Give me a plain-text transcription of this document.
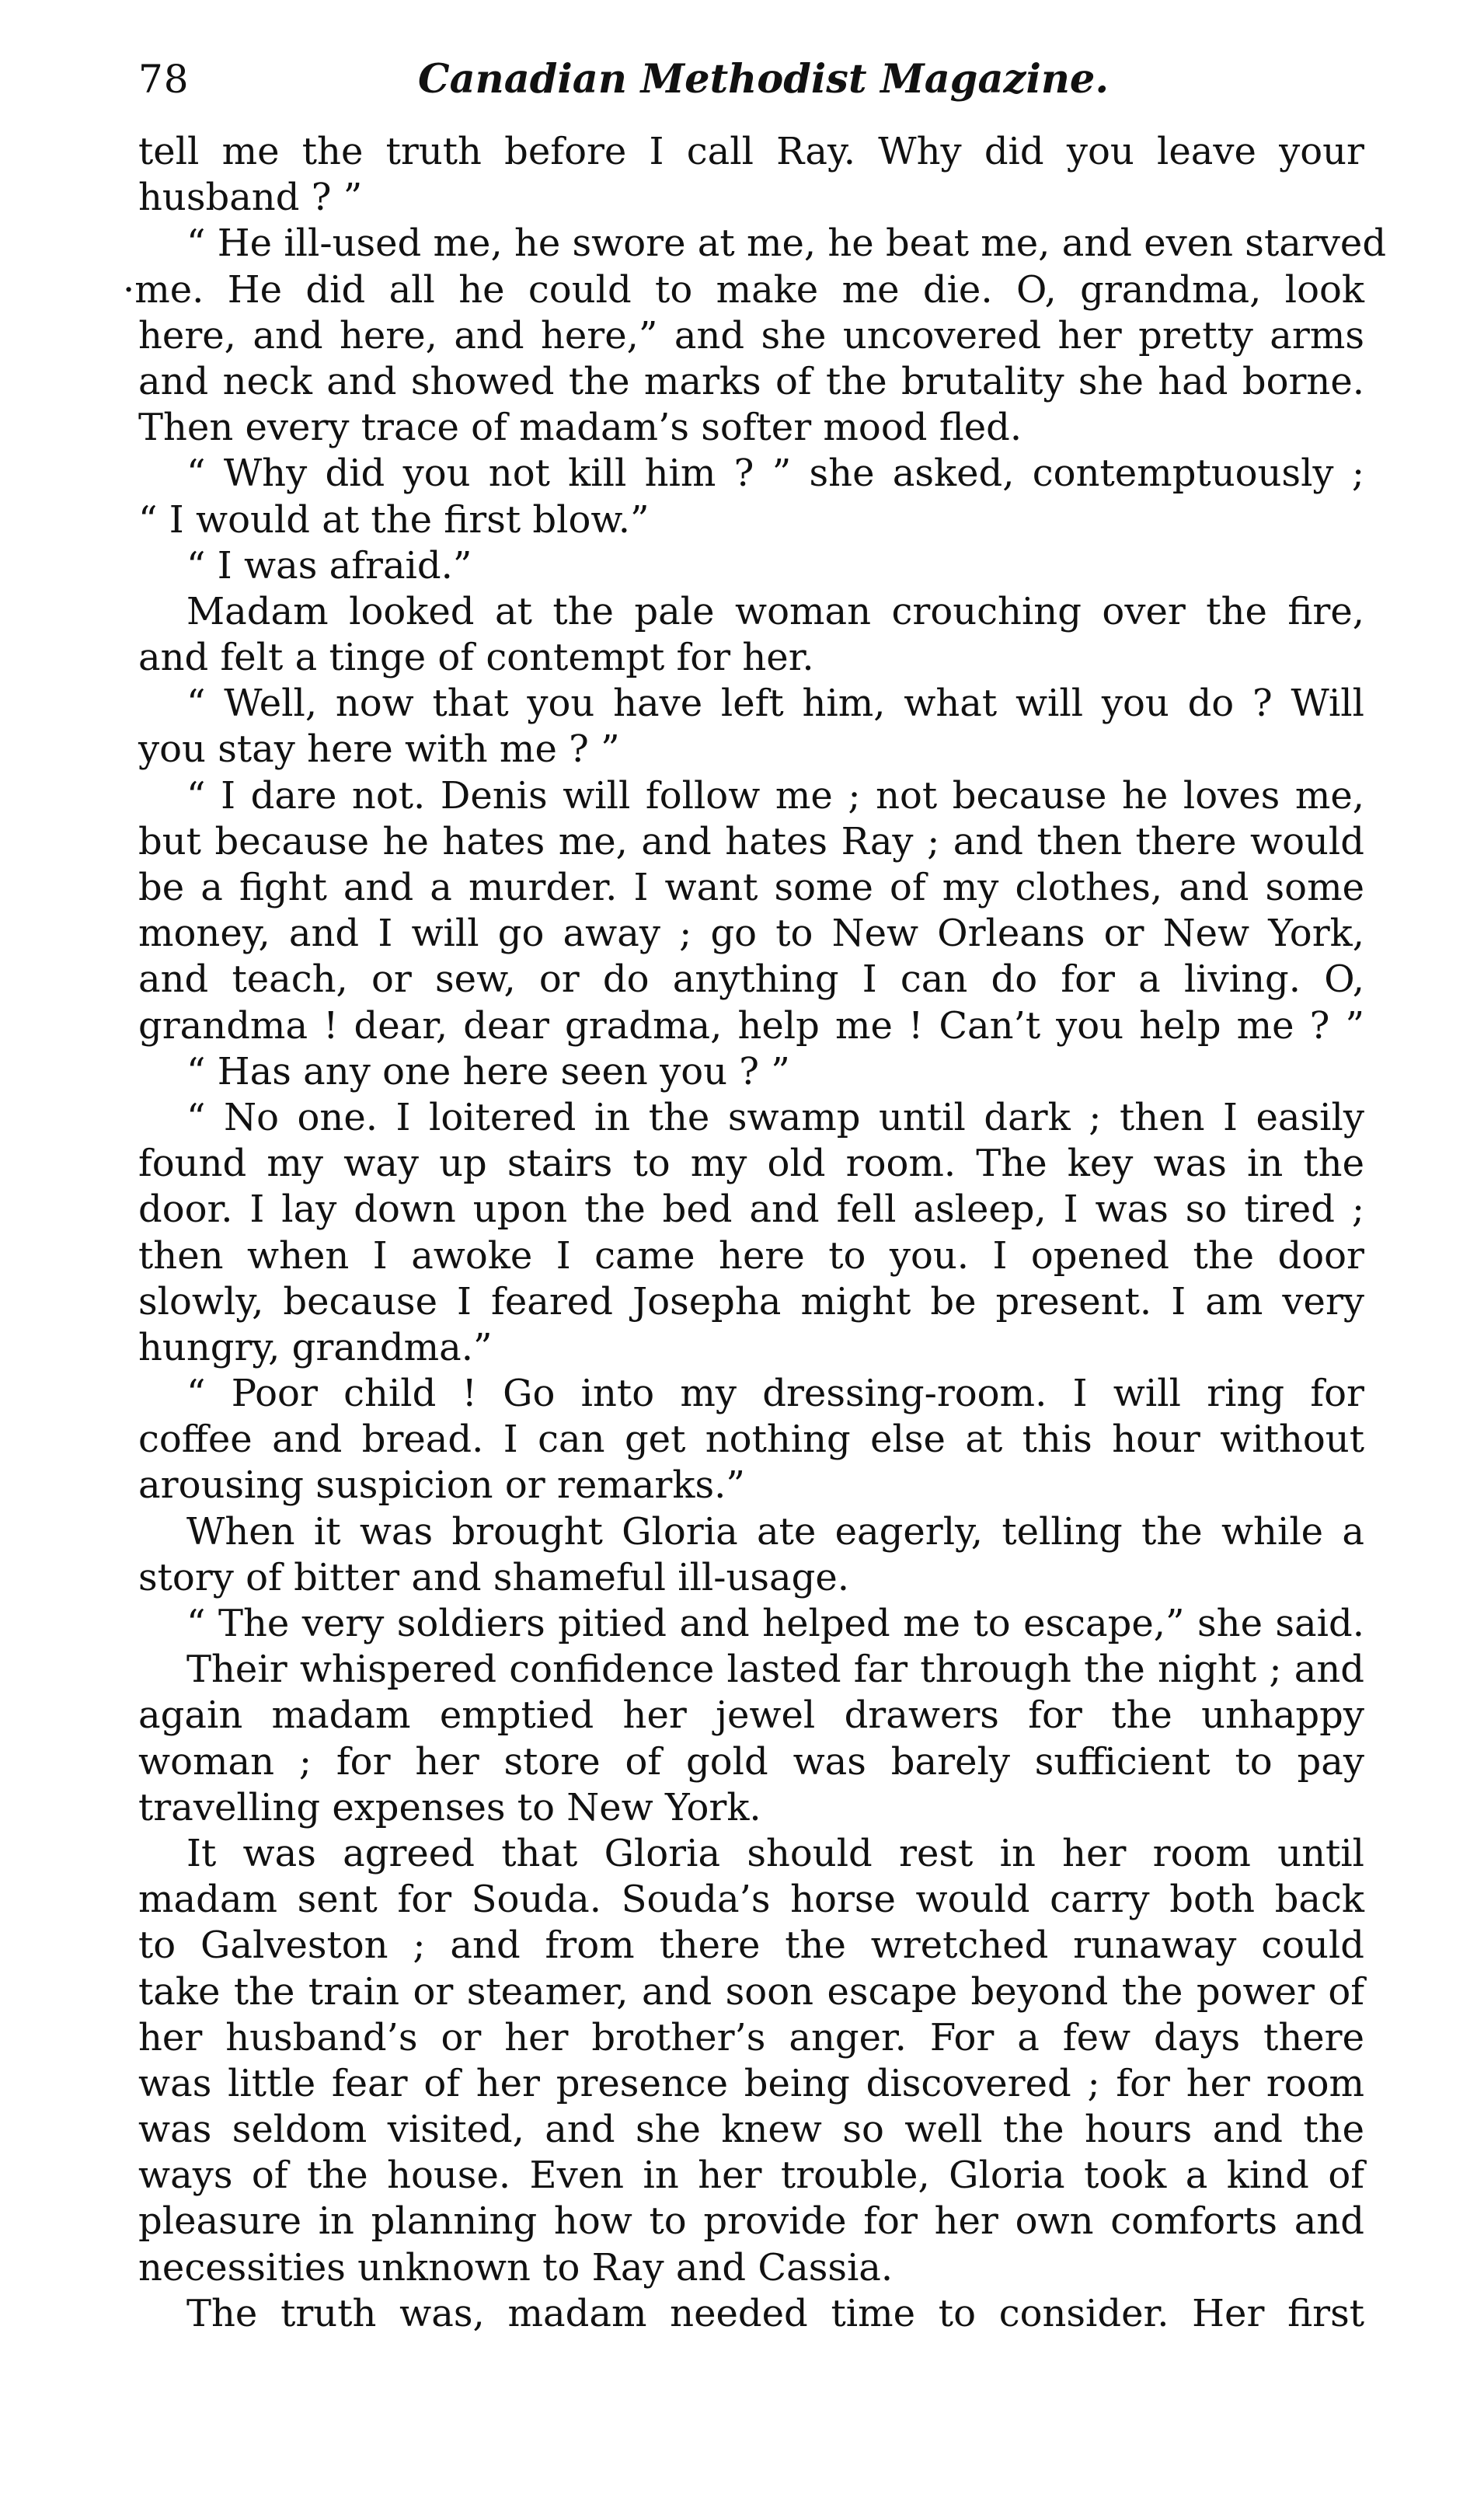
78	Canadian Methodist Magazine.
tell me the truth before I call Ray. Why did you leave your
husband ? ”
“ He ill-used me, he swore at me, he beat me, and even starved
·me. He did all he could to make me die. O, grandma, look
here, and here, and here,” and she uncovered her pretty arms
and neck and showed the marks of the brutality she had borne.
Then every trace of madam’s softer mood fled.
“ Why did you not kill him ? ” she asked, contemptuously ;
“ I would at the first blow.”
“ I was afraid.”
Madam looked at the pale woman crouching over the fire,
and felt a tinge of contempt for her.
“ Well, now that you have left him, what will you do ? Will
you stay here with me ? ”
“ I dare not. Denis will follow me ; not because he loves me,
but because he hates me, and hates Ray ; and then there would
be a fight and a murder. I want some of my clothes, and some
money, and I will go away ; go to New Orleans or New York,
and teach, or sew, or do anything I can do for a living. O,
grandma ! dear, dear gradma, help me ! Can’t you help me ? ”
“ Has any one here seen you ? ”
“ No one. I loitered in the swamp until dark ; then I easily
found my way up stairs to my old room. The key was in the
door. I lay down upon the bed and fell asleep, I was so tired ;
then when I awoke I came here to you. I opened the door
slowly, because I feared Josepha might be present. I am very
hungry, grandma.”
“ Poor child ! Go into my dressing-room. I will ring for
coffee and bread. I can get nothing else at this hour without
arousing suspicion or remarks.”
When it was brought Gloria ate eagerly, telling the while a
story of bitter and shameful ill-usage.
“ The very soldiers pitied and helped me to escape,” she said.
Their whispered confidence lasted far through the night ; and
again madam emptied her jewel drawers for the unhappy
woman ; for her store of gold was barely sufficient to pay
travelling expenses to New York.
It was agreed that Gloria should rest in her room until
madam sent for Souda. Souda’s horse would carry both back
to Galveston ; and from there the wretched runaway could
take the train or steamer, and soon escape beyond the power of
her husband’s or her brother’s anger. For a few days there
was little fear of her presence being discovered ; for her room
was seldom visited, and she knew so well the hours and the
ways of the house. Even in her trouble, Gloria took a kind of
pleasure in planning how to provide for her own comforts and
necessities unknown to Ray and Cassia.
The truth was, madam needed time to consider. Her first
